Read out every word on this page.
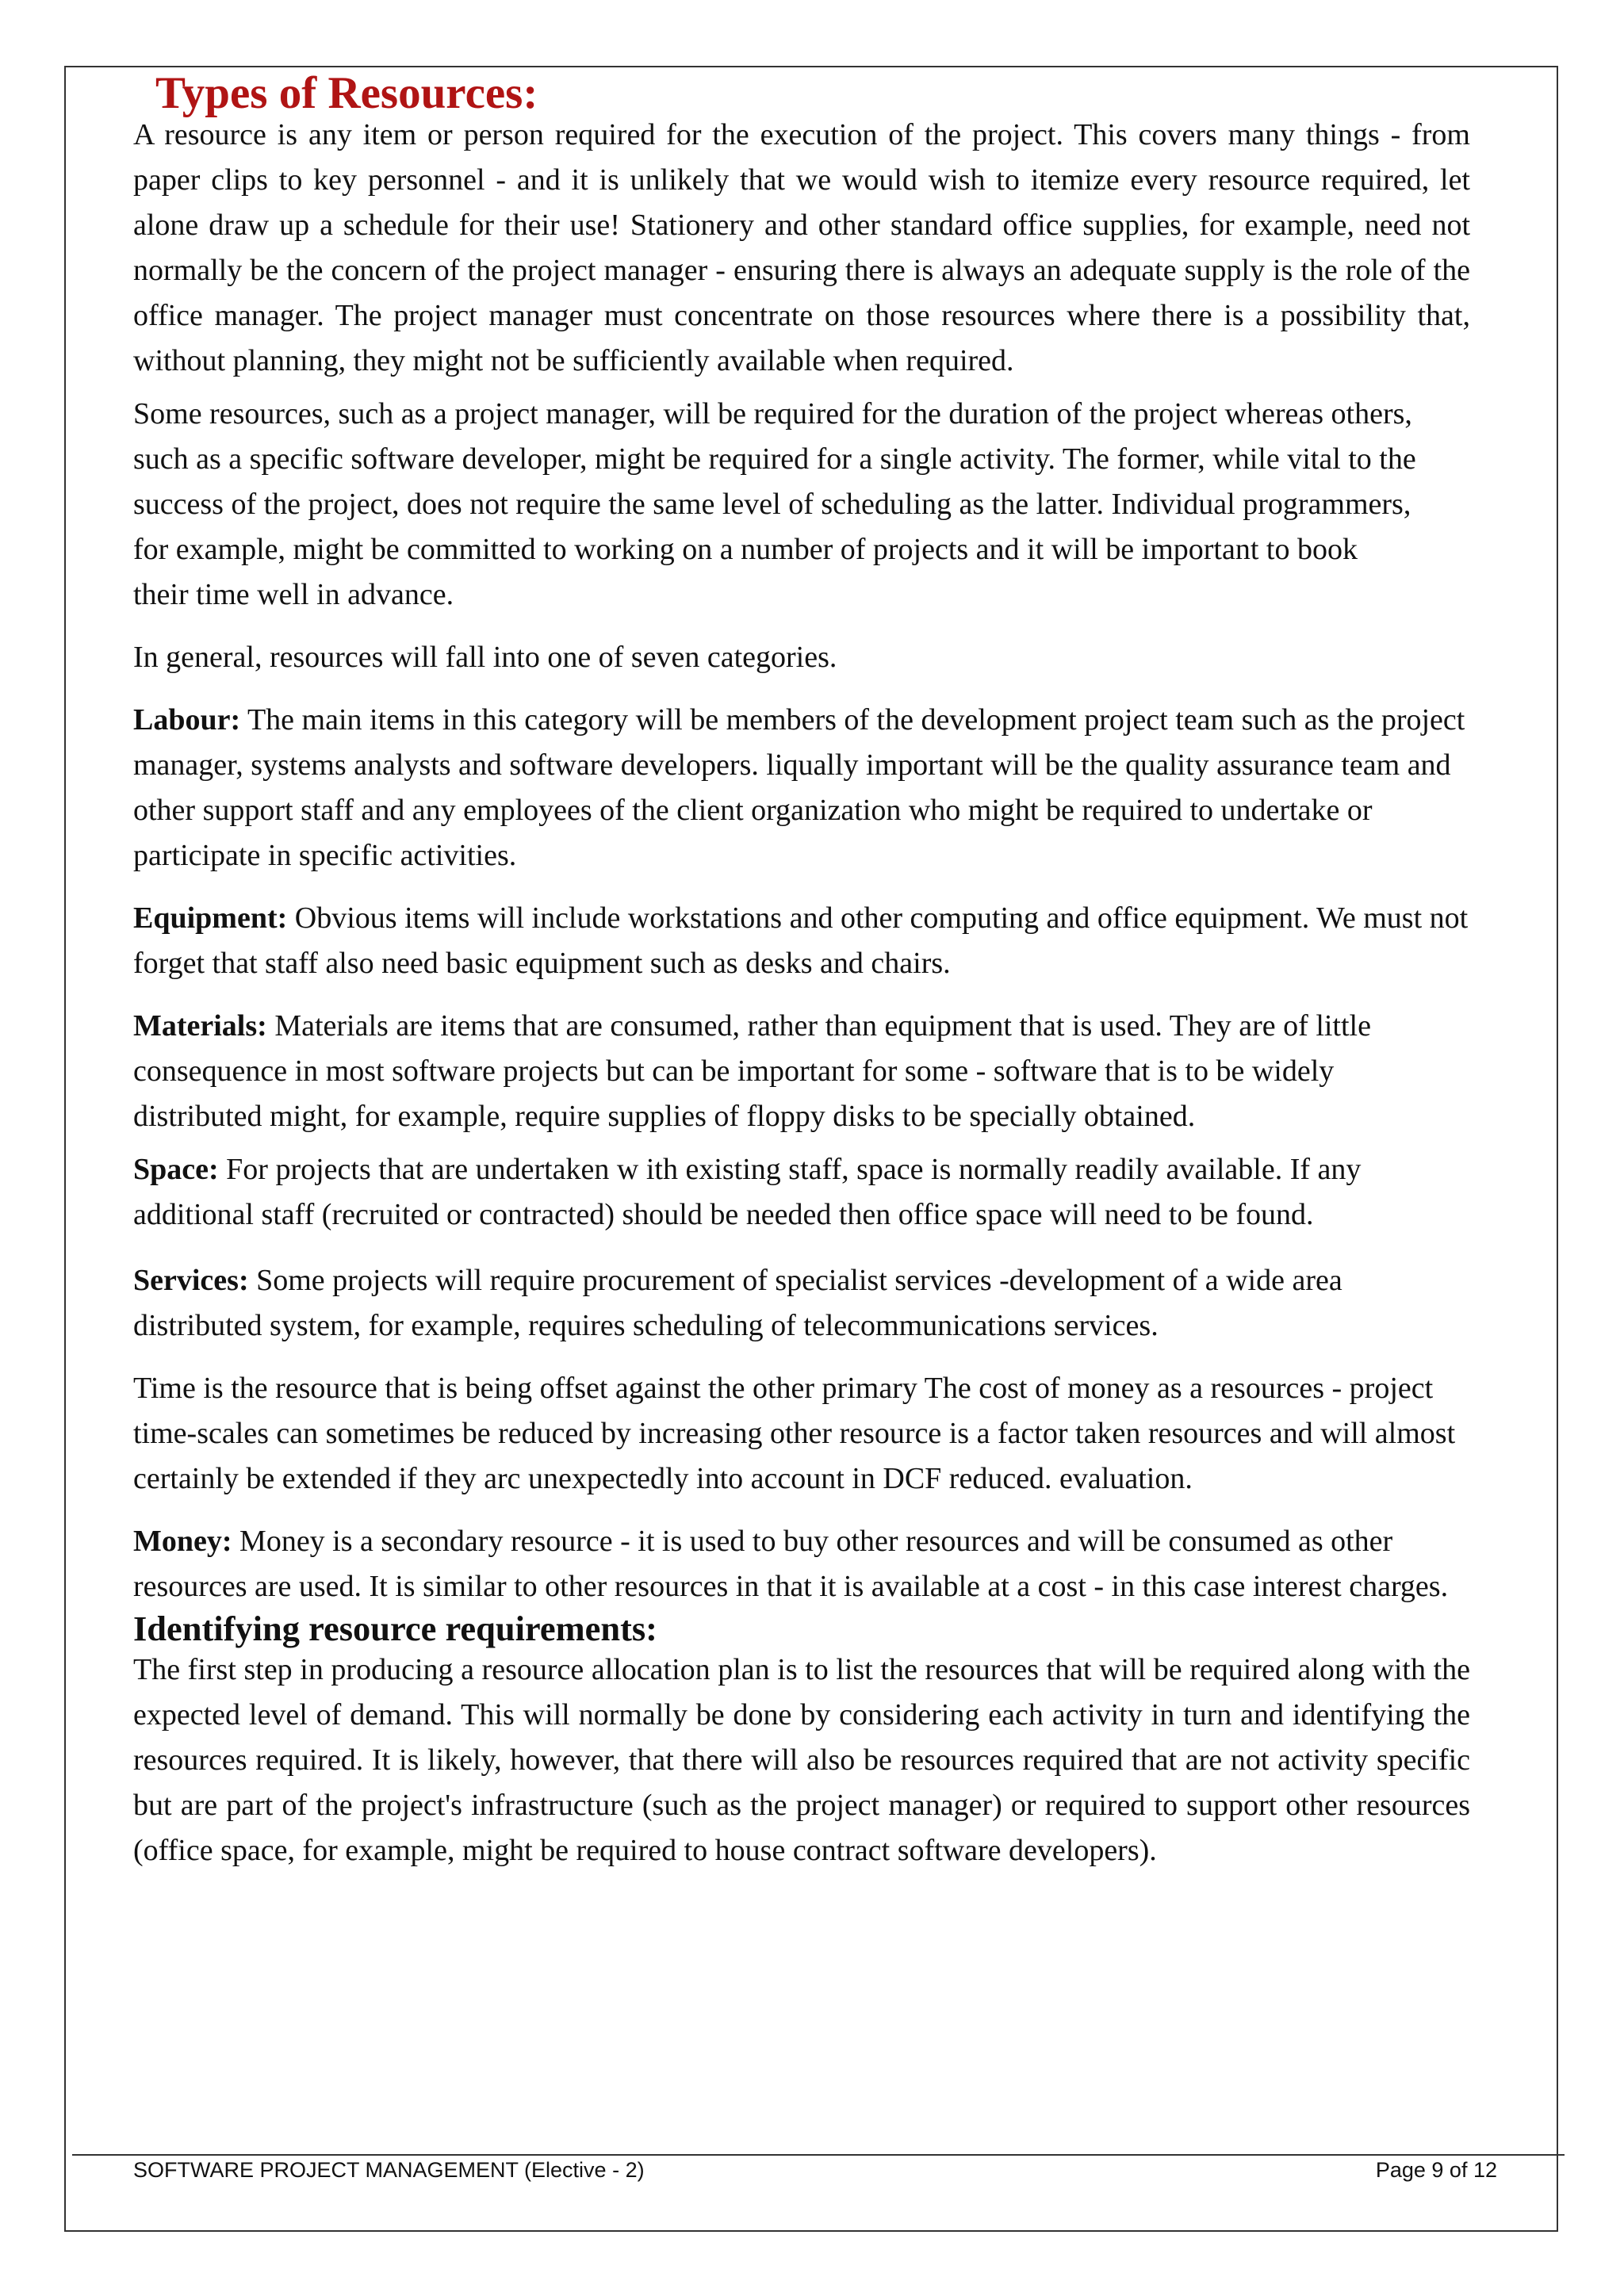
Types of Resources:

A resource is any item or person required for the execution of the project. This covers many things - from paper clips to key personnel - and it is unlikely that we would wish to itemize every resource required, let alone draw up a schedule for their use! Stationery and other standard office supplies, for example, need not normally be the concern of the project manager - ensuring there is always an adequate supply is the role of the office manager. The project manager must concentrate on those resources where there is a possibility that, without planning, they might not be sufficiently available when required.

Some resources, such as a project manager, will be required for the duration of the project whereas others, such as a specific software developer, might be required for a single activity. The former, while vital to the success of the project, does not require the same level of scheduling as the latter. Individual programmers, for example, might be committed to working on a number of projects and it will be important to book their time well in advance.

In general, resources will fall into one of seven categories.

Labour: The main items in this category will be members of the development project team such as the project manager, systems analysts and software developers. liqually important will be the quality assurance team and other support staff and any employees of the client organization who might be required to undertake or participate in specific activities.

Equipment: Obvious items will include workstations and other computing and office equipment. We must not forget that staff also need basic equipment such as desks and chairs.

Materials: Materials are items that are consumed, rather than equipment that is used. They are of little consequence in most software projects but can be important for some - software that is to be widely distributed might, for example, require supplies of floppy disks to be specially obtained.

Space: For projects that are undertaken w ith existing staff, space is normally readily available. If any additional staff (recruited or contracted) should be needed then office space will need to be found.

Services: Some projects will require procurement of specialist services -development of a wide area distributed system, for example, requires scheduling of telecommunications services.

Time is the resource that is being offset against the other primary The cost of money as a resources - project time-scales can sometimes be reduced by increasing other resource is a factor taken resources and will almost certainly be extended if they arc unexpectedly into account in DCF reduced. evaluation.

Money: Money is a secondary resource - it is used to buy other resources and will be consumed as other resources are used. It is similar to other resources in that it is available at a cost - in this case interest charges.

Identifying resource requirements:

The first step in producing a resource allocation plan is to list the resources that will be required along with the expected level of demand. This will normally be done by considering each activity in turn and identifying the resources required. It is likely, however, that there will also be resources required that are not activity specific but are part of the project's infrastructure (such as the project manager) or required to support other resources (office space, for example, might be required to house contract software developers).

SOFTWARE PROJECT MANAGEMENT (Elective - 2)	Page 9 of 12
